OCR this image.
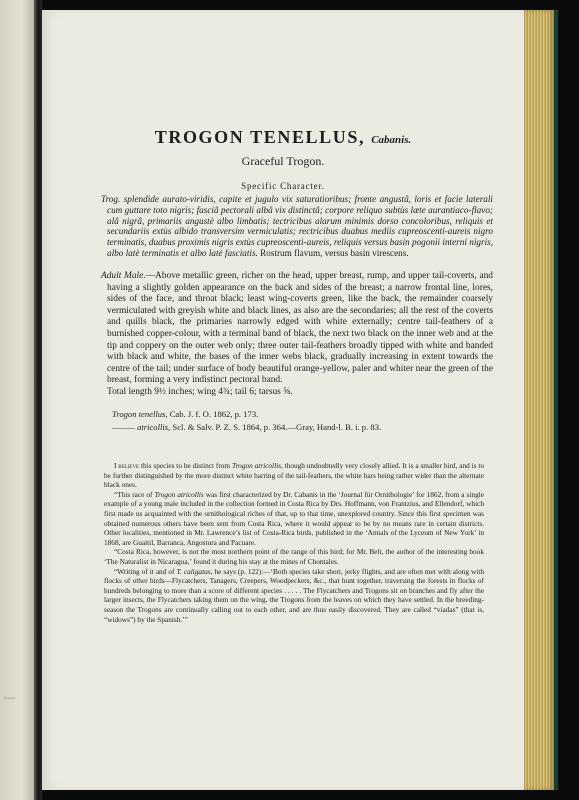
Bulletin
TROGON TENELLUS, Cabanis.
Graceful Trogon.
Specific Character.
Trog. splendide aurato-viridis, capite et jugulo vix saturatioribus; fronte angustâ, loris et facie laterali cum guttare toto nigris; fasciâ pectorali albâ vix distinctâ; corpore reliquo subtùs læte aurantiaco-flavo; alâ nigrâ, primariis angustè albo limbatis; tectricibus alarum minimis dorso concoloribus, reliquis et secundariis extùs albido transversim vermiculatis; rectricibus duabus mediis cupreoscenti-aureis nigro terminatis, duabus proximis nigris extùs cupreoscenti-aureis, reliquis versus basin pogonii interni nigris, albo latè terminatis et albo latè fasciatis. Rostrum flavum, versus basin virescens.
Adult Male.—Above metallic green, richer on the head, upper breast, rump, and upper tail-coverts, and having a slightly golden appearance on the back and sides of the breast; a narrow frontal line, lores, sides of the face, and throat black; least wing-coverts green, like the back, the remainder coarsely vermiculated with greyish white and black lines, as also are the secondaries; all the rest of the coverts and quills black, the primaries narrowly edged with white externally; centre tail-feathers of a burnished copper-colour, with a terminal band of black, the next two black on the inner web and at the tip and coppery on the outer web only; three outer tail-feathers broadly tipped with white and banded with black and white, the bases of the inner webs black, gradually increasing in extent towards the centre of the tail; under surface of body beautiful orange-yellow, paler and whiter near the green of the breast, forming a very indistinct pectoral band.
Total length 9½ inches; wing 4¾; tail 6; tarsus ⅝.
Trogon tenellus, Cab. J. f. O. 1862, p. 173.
——— atricollis, Scl. & Salv. P. Z. S. 1864, p. 364.—Gray, Hand-l. B. i. p. 83.

I believe this species to be distinct from Trogon atricollis, though undoubtedly very closely allied. It is a smaller bird, and is to be further distinguished by the more distinct white barring of the tail-feathers, the white bars being rather wider than the alternate black ones.

“This race of Trogon atricollis was first characterized by Dr. Cabanis in the ‘Journal für Ornithologie’ for 1862, from a single example of a young male included in the collection formed in Costa Rica by Drs. Hoffmann, von Frantzius, and Ellendorf, which first made us acquainted with the ornithological riches of that, up to that time, unexplored country. Since this first specimen was obtained numerous others have been sent from Costa Rica, where it would appear to be by no means rare in certain districts. Other localities, mentioned in Mr. Lawrence’s list of Costa-Rica birds, published in the ‘Annals of the Lyceum of New York’ in 1868, are Guaitil, Barranca, Angostura and Pacuare.

“Costa Rica, however, is not the most northern point of the range of this bird; for Mr. Belt, the author of the interesting book ‘The Naturalist in Nicaragua,’ found it during his stay at the mines of Chontales.

“Writing of it and of T. caligatus, he says (p. 122):—‘Both species take short, jerky flights, and are often met with along with flocks of other birds—Flycatchers, Tanagers, Creepers, Woodpeckers, &c., that hunt together, traversing the forests in flocks of hundreds belonging to more than a score of different species . . . . . The Flycatchers and Trogons sit on branches and fly after the larger insects, the Flycatchers taking them on the wing, the Trogons from the leaves on which they have settled. In the breeding-season the Trogons are continually calling out to each other, and are thus easily discovered. They are called “viadas” (that is, “widows”) by the Spanish.’”
